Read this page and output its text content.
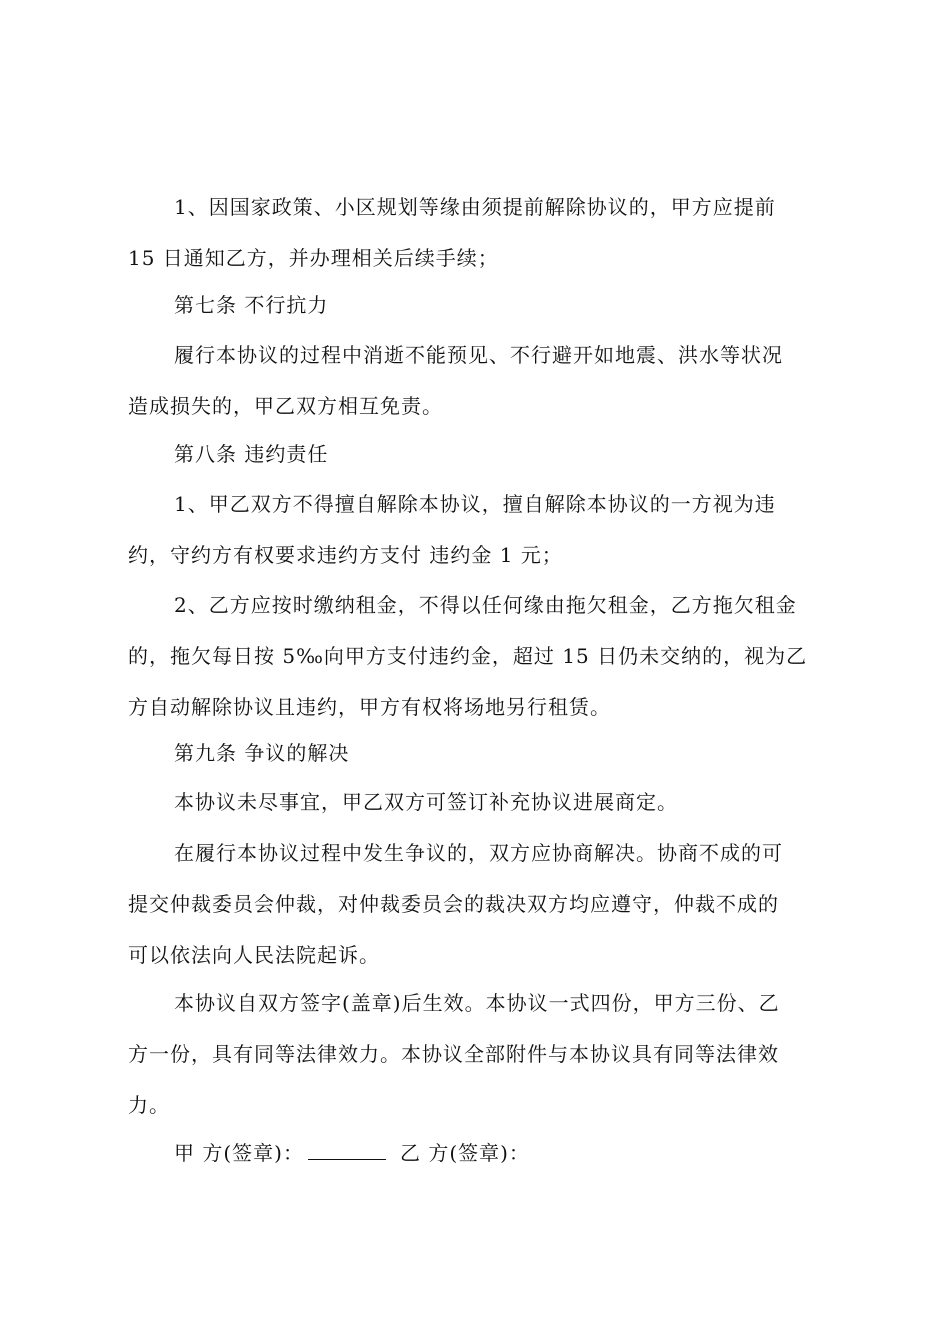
1、因国家政策、小区规划等缘由须提前解除协议的，甲方应提前
15 日通知乙方，并办理相关后续手续；
第七条 不行抗力
履行本协议的过程中消逝不能预见、不行避开如地震、洪水等状况
造成损失的，甲乙双方相互免责。
第八条 违约责任
1、甲乙双方不得擅自解除本协议，擅自解除本协议的一方视为违
约，守约方有权要求违约方支付 违约金 1 元；
2、乙方应按时缴纳租金，不得以任何缘由拖欠租金，乙方拖欠租金
的，拖欠每日按 5‰向甲方支付违约金，超过 15 日仍未交纳的，视为乙
方自动解除协议且违约，甲方有权将场地另行租赁。
第九条 争议的解决
本协议未尽事宜，甲乙双方可签订补充协议进展商定。
在履行本协议过程中发生争议的，双方应协商解决。协商不成的可
提交仲裁委员会仲裁，对仲裁委员会的裁决双方均应遵守，仲裁不成的
可以依法向人民法院起诉。
本协议自双方签字(盖章)后生效。本协议一式四份，甲方三份、乙
方一份，具有同等法律效力。本协议全部附件与本协议具有同等法律效
力。
甲 方(签章)：	乙 方(签章)：
